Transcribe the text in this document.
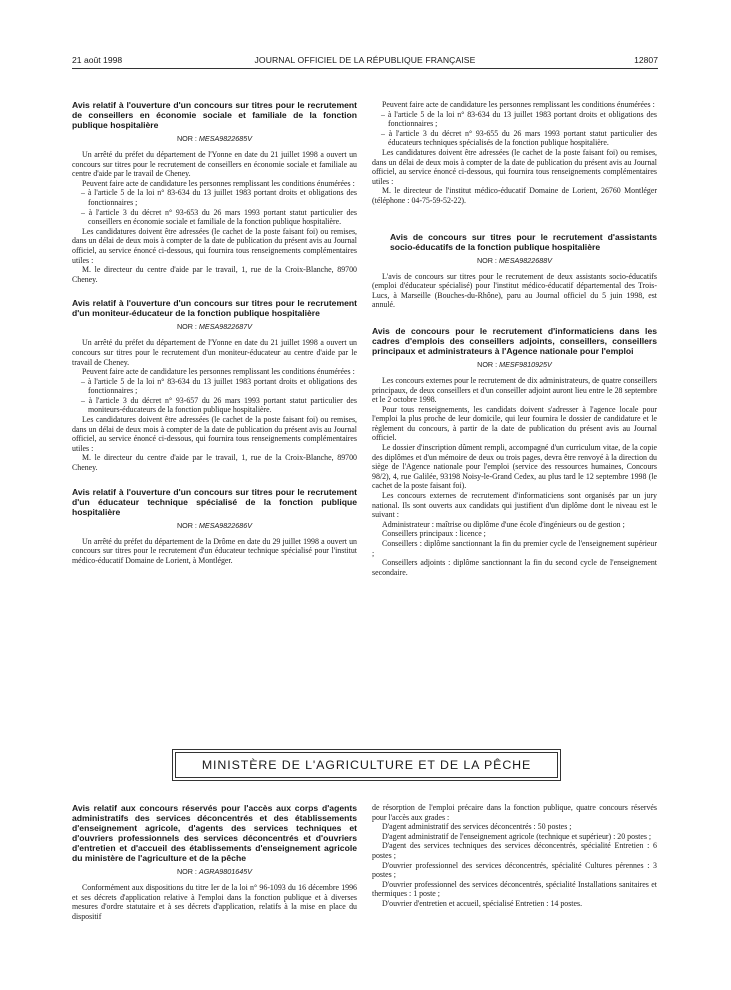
21 août 1998	JOURNAL OFFICIEL DE LA RÉPUBLIQUE FRANÇAISE	12807
Avis relatif à l'ouverture d'un concours sur titres pour le recrutement de conseillers en économie sociale et familiale de la fonction publique hospitalière
NOR : MESA9822685V

Un arrêté du préfet du département de l'Yonne en date du 21 juillet 1998 a ouvert un concours sur titres pour le recrutement de conseillers en économie sociale et familiale au centre d'aide par le travail de Cheney.

Peuvent faire acte de candidature les personnes remplissant les conditions énumérées :

– à l'article 5 de la loi n° 83-634 du 13 juillet 1983 portant droits et obligations des fonctionnaires ;

– à l'article 3 du décret n° 93-653 du 26 mars 1993 portant statut particulier des conseillers en économie sociale et familiale de la fonction publique hospitalière.

Les candidatures doivent être adressées (le cachet de la poste faisant foi) ou remises, dans un délai de deux mois à compter de la date de publication du présent avis au Journal officiel, au service énoncé ci-dessous, qui fournira tous renseignements complémentaires utiles :

M. le directeur du centre d'aide par le travail, 1, rue de la Croix-Blanche, 89700 Cheney.

Avis relatif à l'ouverture d'un concours sur titres pour le recrutement d'un moniteur-éducateur de la fonction publique hospitalière
NOR : MESA9822687V

Un arrêté du préfet du département de l'Yonne en date du 21 juillet 1998 a ouvert un concours sur titres pour le recrutement d'un moniteur-éducateur au centre d'aide par le travail de Cheney.

Peuvent faire acte de candidature les personnes remplissant les conditions énumérées :

– à l'article 5 de la loi n° 83-634 du 13 juillet 1983 portant droits et obligations des fonctionnaires ;

– à l'article 3 du décret n° 93-657 du 26 mars 1993 portant statut particulier des moniteurs-éducateurs de la fonction publique hospitalière.

Les candidatures doivent être adressées (le cachet de la poste faisant foi) ou remises, dans un délai de deux mois à compter de la date de publication du présent avis au Journal officiel, au service énoncé ci-dessous, qui fournira tous renseignements complémentaires utiles :

M. le directeur du centre d'aide par le travail, 1, rue de la Croix-Blanche, 89700 Cheney.

Avis relatif à l'ouverture d'un concours sur titres pour le recrutement d'un éducateur technique spécialisé de la fonction publique hospitalière
NOR : MESA9822686V

Un arrêté du préfet du département de la Drôme en date du 29 juillet 1998 a ouvert un concours sur titres pour le recrutement d'un éducateur technique spécialisé pour l'institut médico-éducatif Domaine de Lorient, à Montléger.

Peuvent faire acte de candidature les personnes remplissant les conditions énumérées :

– à l'article 5 de la loi n° 83-634 du 13 juillet 1983 portant droits et obligations des fonctionnaires ;

– à l'article 3 du décret n° 93-655 du 26 mars 1993 portant statut particulier des éducateurs techniques spécialisés de la fonction publique hospitalière.

Les candidatures doivent être adressées (le cachet de la poste faisant foi) ou remises, dans un délai de deux mois à compter de la date de publication du présent avis au Journal officiel, au service énoncé ci-dessous, qui fournira tous renseignements complémentaires utiles :

M. le directeur de l'institut médico-éducatif Domaine de Lorient, 26760 Montléger (téléphone : 04-75-59-52-22).

Avis de concours sur titres pour le recrutement d'assistants socio-éducatifs de la fonction publique hospitalière
NOR : MESA9822688V

L'avis de concours sur titres pour le recrutement de deux assistants socio-éducatifs (emploi d'éducateur spécialisé) pour l'institut médico-éducatif départemental des Trois-Lucs, à Marseille (Bouches-du-Rhône), paru au Journal officiel du 5 juin 1998, est annulé.

Avis de concours pour le recrutement d'informaticiens dans les cadres d'emplois des conseillers adjoints, conseillers, conseillers principaux et administrateurs à l'Agence nationale pour l'emploi
NOR : MESF9810925V

Les concours externes pour le recrutement de dix administrateurs, de quatre conseillers principaux, de deux conseillers et d'un conseiller adjoint auront lieu entre le 28 septembre et le 2 octobre 1998.

Pour tous renseignements, les candidats doivent s'adresser à l'agence locale pour l'emploi la plus proche de leur domicile, qui leur fournira le dossier de candidature et le règlement du concours, à partir de la date de publication du présent avis au Journal officiel.

Le dossier d'inscription dûment rempli, accompagné d'un curriculum vitae, de la copie des diplômes et d'un mémoire de deux ou trois pages, devra être renvoyé à la direction du siège de l'Agence nationale pour l'emploi (service des ressources humaines, Concours 98/2), 4, rue Galilée, 93198 Noisy-le-Grand Cedex, au plus tard le 12 septembre 1998 (le cachet de la poste faisant foi).

Les concours externes de recrutement d'informaticiens sont organisés par un jury national. Ils sont ouverts aux candidats qui justifient d'un diplôme dont le niveau est le suivant :

Administrateur : maîtrise ou diplôme d'une école d'ingénieurs ou de gestion ;

Conseillers principaux : licence ;

Conseillers : diplôme sanctionnant la fin du premier cycle de l'enseignement supérieur ;

Conseillers adjoints : diplôme sanctionnant la fin du second cycle de l'enseignement secondaire.

MINISTÈRE DE L'AGRICULTURE ET DE LA PÊCHE
Avis relatif aux concours réservés pour l'accès aux corps d'agents administratifs des services déconcentrés et des établissements d'enseignement agricole, d'agents des services techniques et d'ouvriers professionnels des services déconcentrés et d'ouvriers d'entretien et d'accueil des établissements d'enseignement agricole du ministère de l'agriculture et de la pêche
NOR : AGRA9801645V

Conformément aux dispositions du titre Ier de la loi n° 96-1093 du 16 décembre 1996 et ses décrets d'application relative à l'emploi dans la fonction publique et à diverses mesures d'ordre statutaire et à ses décrets d'application, relatifs à la mise en place du dispositif

de résorption de l'emploi précaire dans la fonction publique, quatre concours réservés pour l'accès aux grades :

D'agent administratif des services déconcentrés : 50 postes ;

D'agent administratif de l'enseignement agricole (technique et supérieur) : 20 postes ;

D'agent des services techniques des services déconcentrés, spécialité Entretien : 6 postes ;

D'ouvrier professionnel des services déconcentrés, spécialité Cultures pérennes : 3 postes ;

D'ouvrier professionnel des services déconcentrés, spécialité Installations sanitaires et thermiques : 1 poste ;

D'ouvrier d'entretien et accueil, spécialisé Entretien : 14 postes.
